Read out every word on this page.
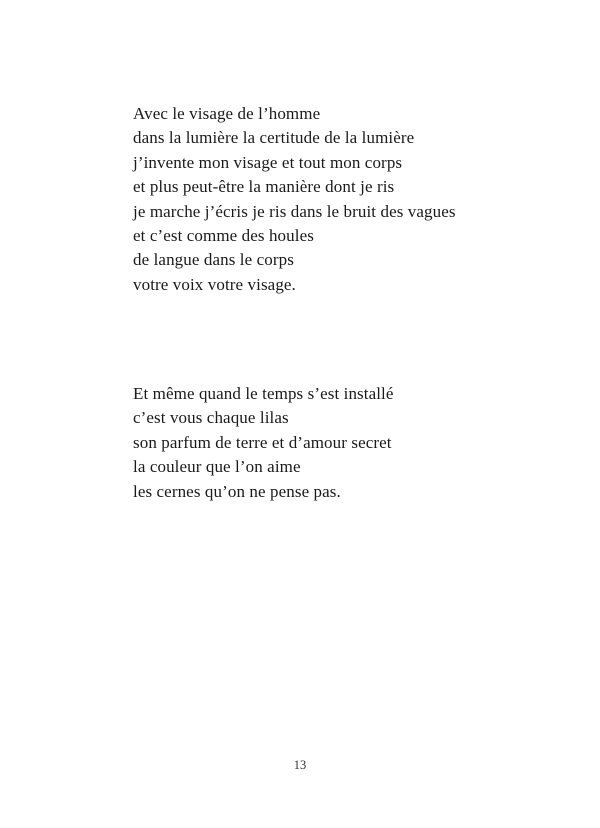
Avec le visage de l’homme
dans la lumière la certitude de la lumière
j’invente mon visage et tout mon corps
et plus peut-être la manière dont je ris
je marche j’écris je ris dans le bruit des vagues
et c’est comme des houles
de langue dans le corps
votre voix votre visage.
Et même quand le temps s’est installé
c’est vous chaque lilas
son parfum de terre et d’amour secret
la couleur que l’on aime
les cernes qu’on ne pense pas.
13
